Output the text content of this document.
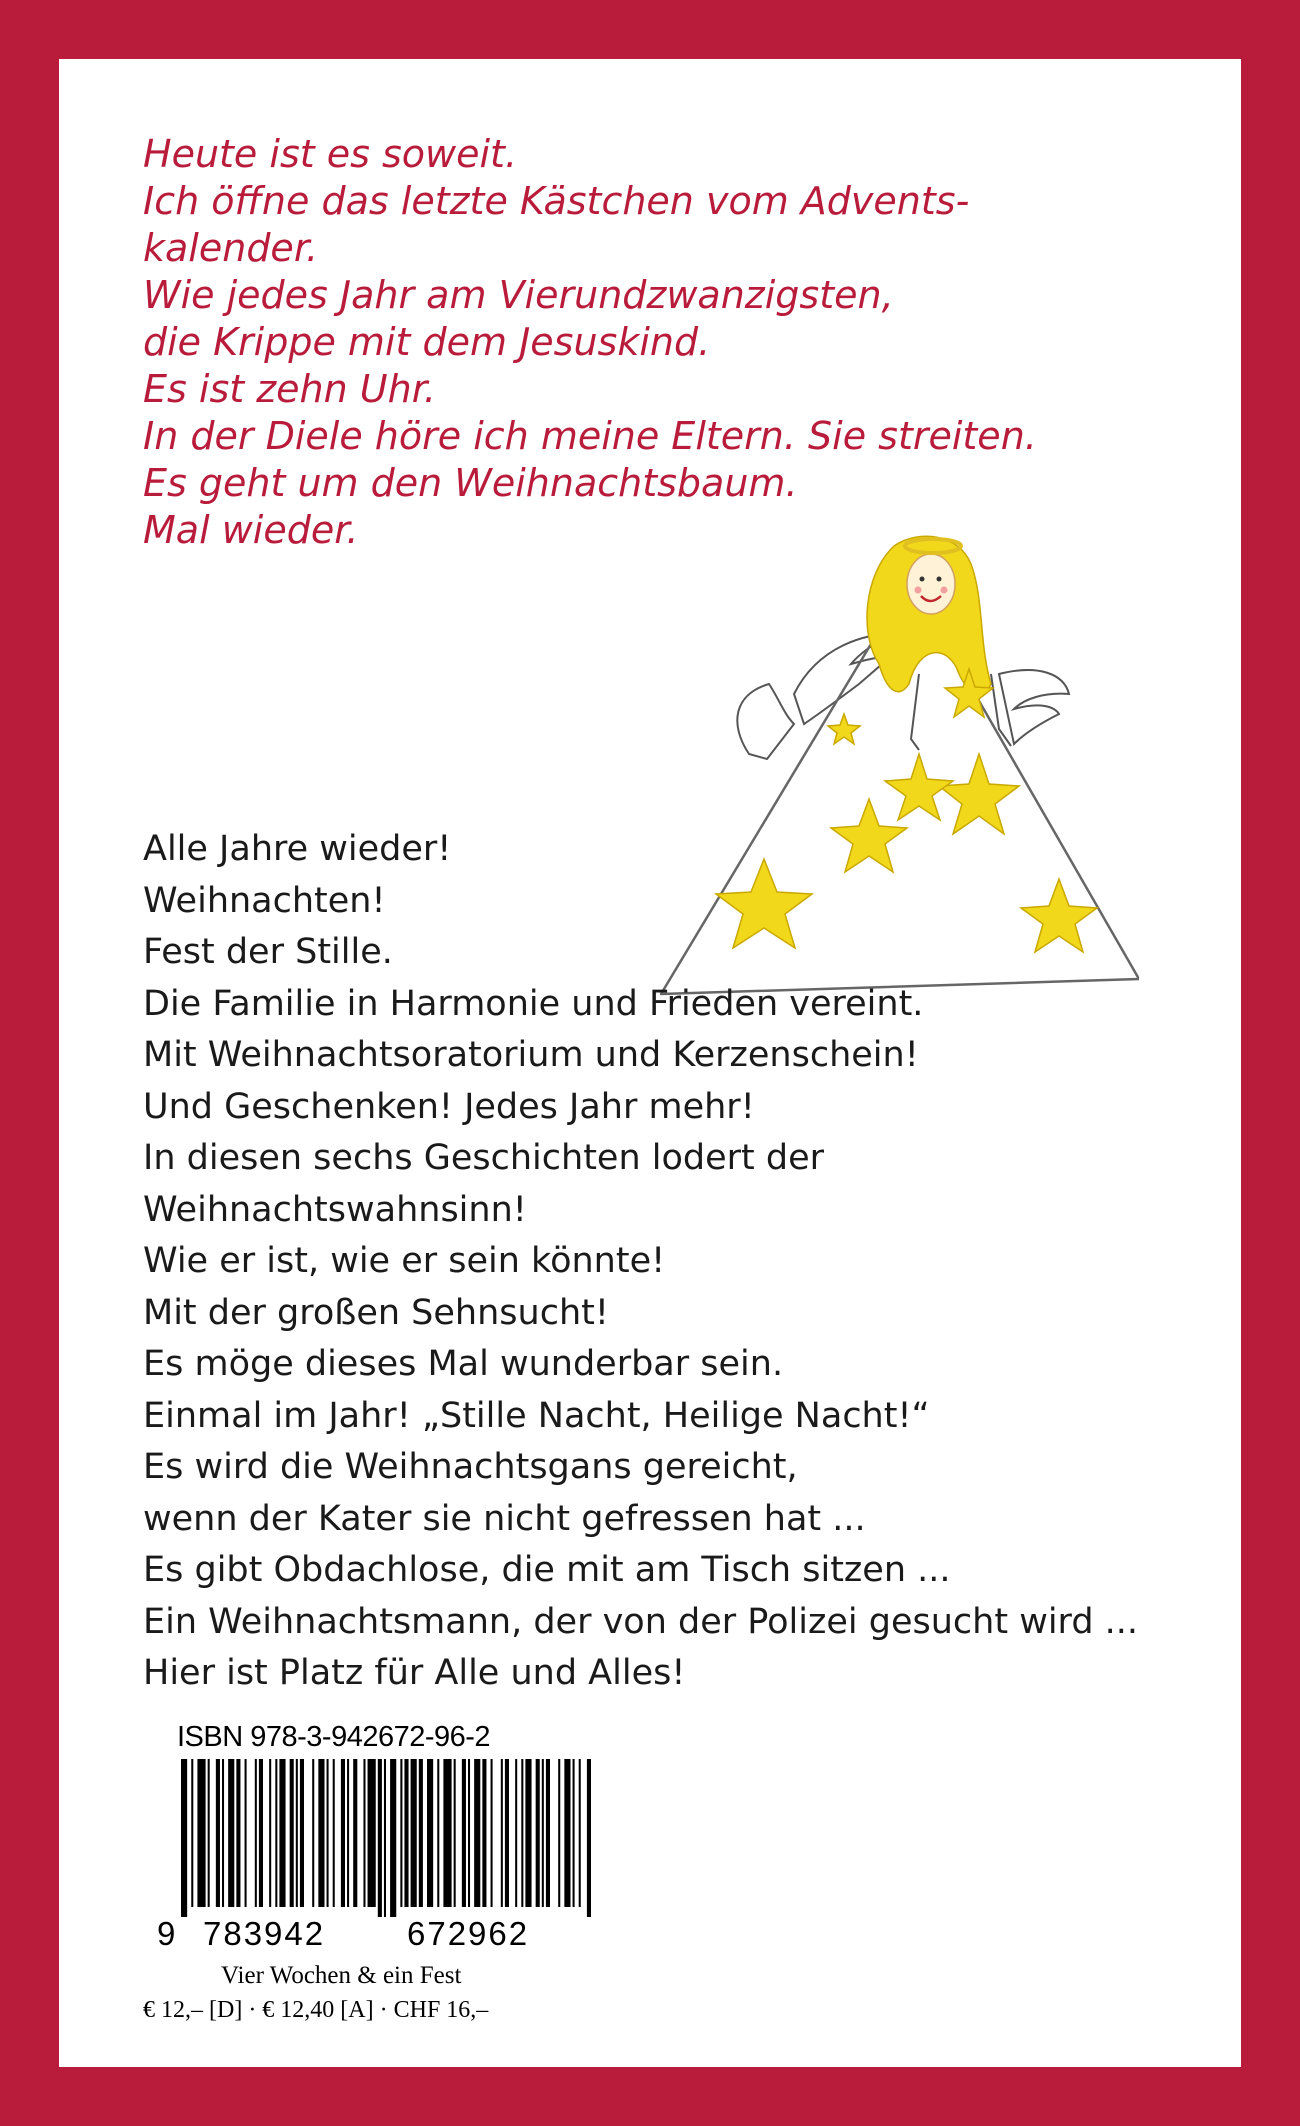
Heute ist es soweit.
Ich öffne das letzte Kästchen vom Advents-
kalender.
Wie jedes Jahr am Vierundzwanzigsten,
die Krippe mit dem Jesuskind.
Es ist zehn Uhr.
In der Diele höre ich meine Eltern. Sie streiten.
Es geht um den Weihnachtsbaum.
Mal wieder.

Alle Jahre wieder!
Weihnachten!
Fest der Stille.
Die Familie in Harmonie und Frieden vereint.
Mit Weihnachtsoratorium und Kerzenschein!
Und Geschenken! Jedes Jahr mehr!
In diesen sechs Geschichten lodert der
Weihnachtswahnsinn!
Wie er ist, wie er sein könnte!
Mit der großen Sehnsucht!
Es möge dieses Mal wunderbar sein.
Einmal im Jahr! „Stille Nacht, Heilige Nacht!“
Es wird die Weihnachtsgans gereicht,
wenn der Kater sie nicht gefressen hat ...
Es gibt Obdachlose, die mit am Tisch sitzen ...
Ein Weihnachtsmann, der von der Polizei gesucht wird ...
Hier ist Platz für Alle und Alles!

ISBN 978-3-942672-96-2

9 783942 672962

Vier Wochen & ein Fest

€ 12,– [D] · € 12,40 [A] · CHF 16,–
